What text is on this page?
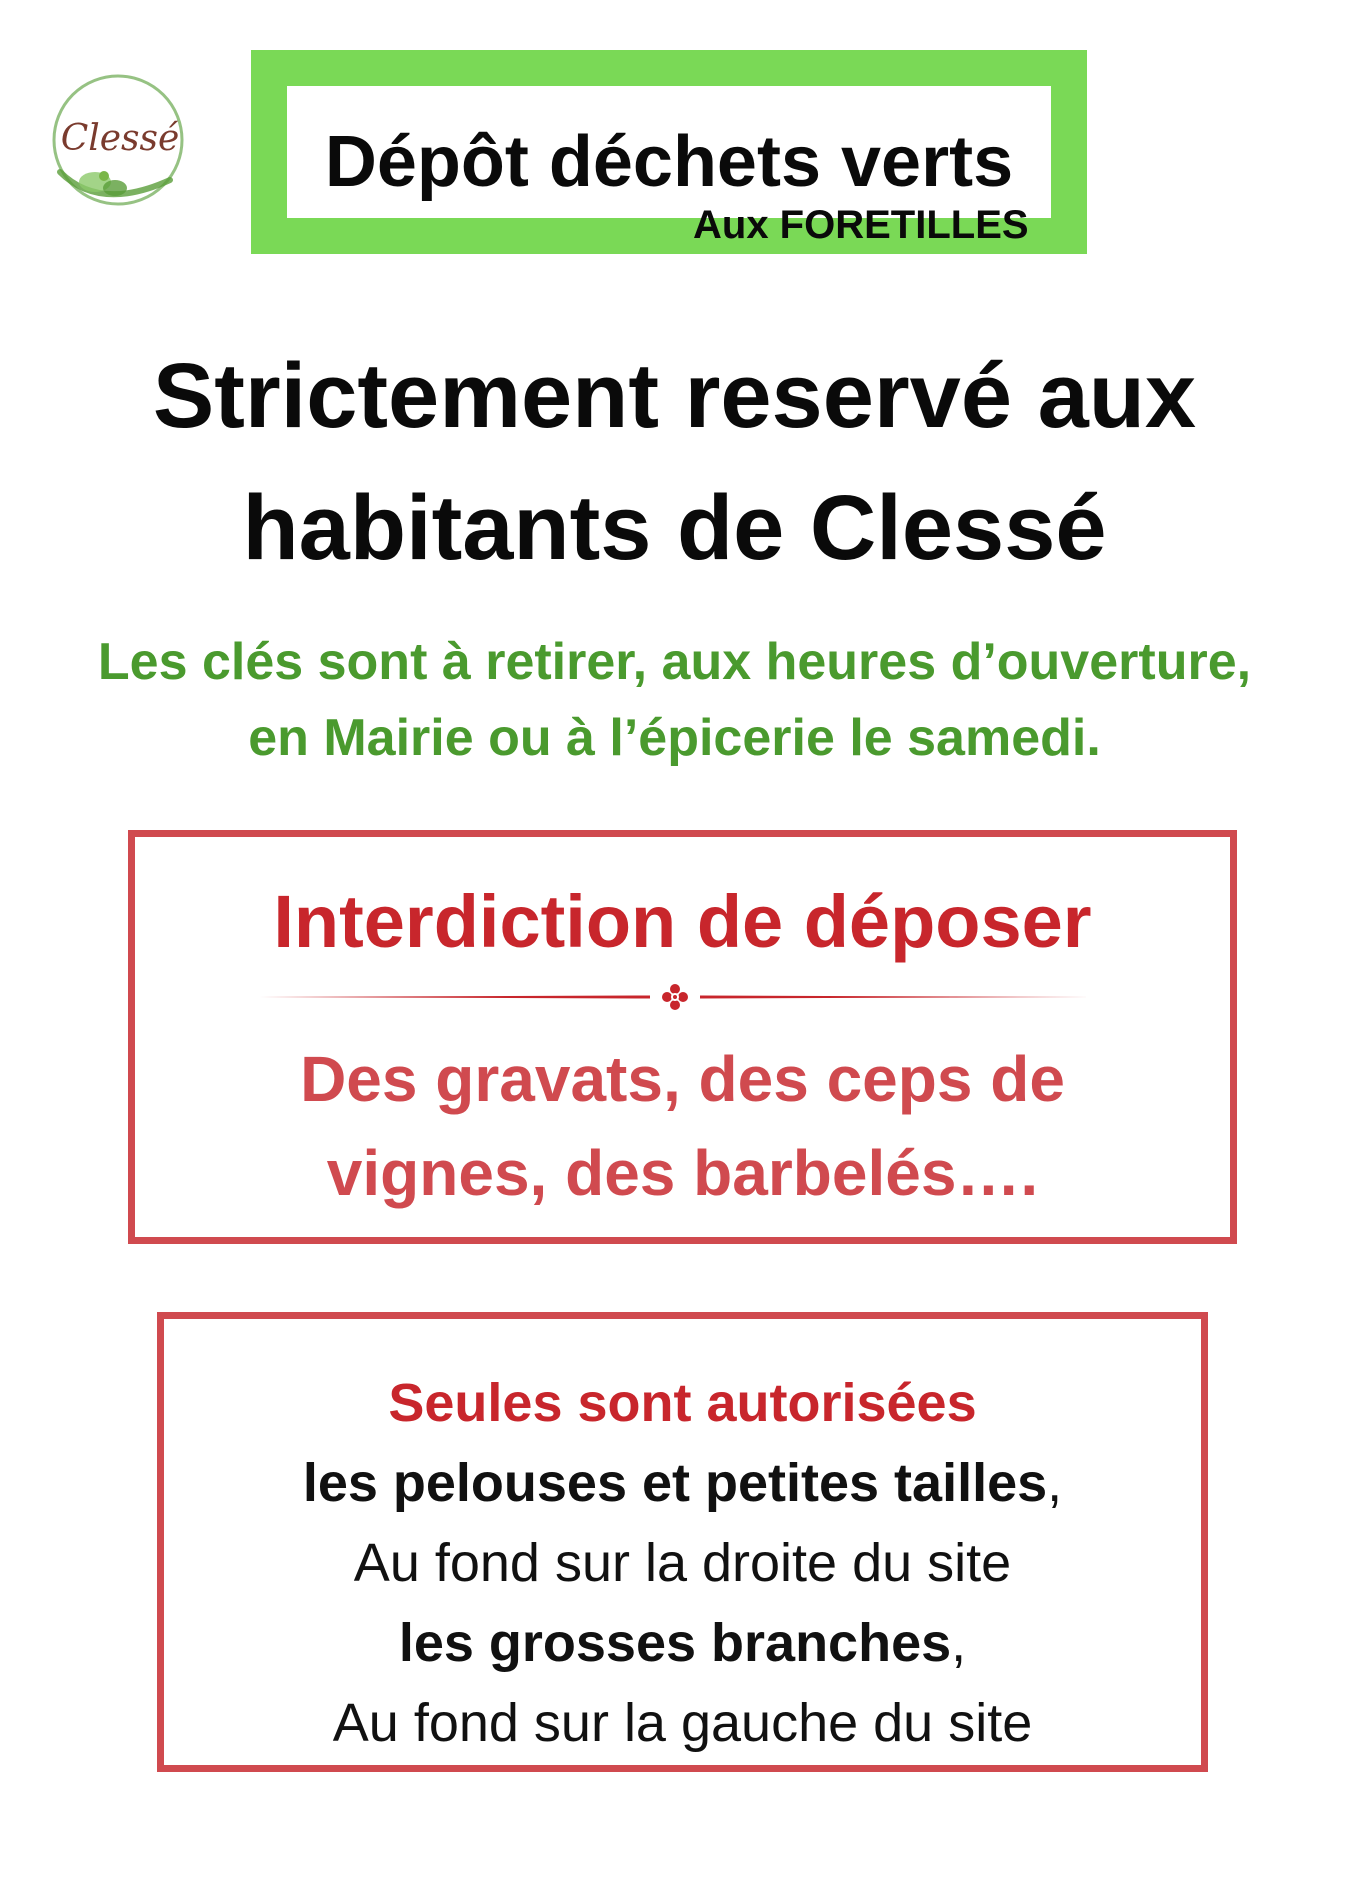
Clessé	Dépôt déchets verts
Aux FORETILLES
Strictement reservé aux
habitants de Clessé
Les clés sont à retirer, aux heures d’ouverture,
en Mairie ou à l’épicerie le samedi.
Interdiction de déposer
Des gravats, des ceps de
vignes, des barbelés….
Seules sont autorisées
les pelouses et petites tailles,
Au fond sur la droite du site
les grosses branches,
Au fond sur la gauche du site
